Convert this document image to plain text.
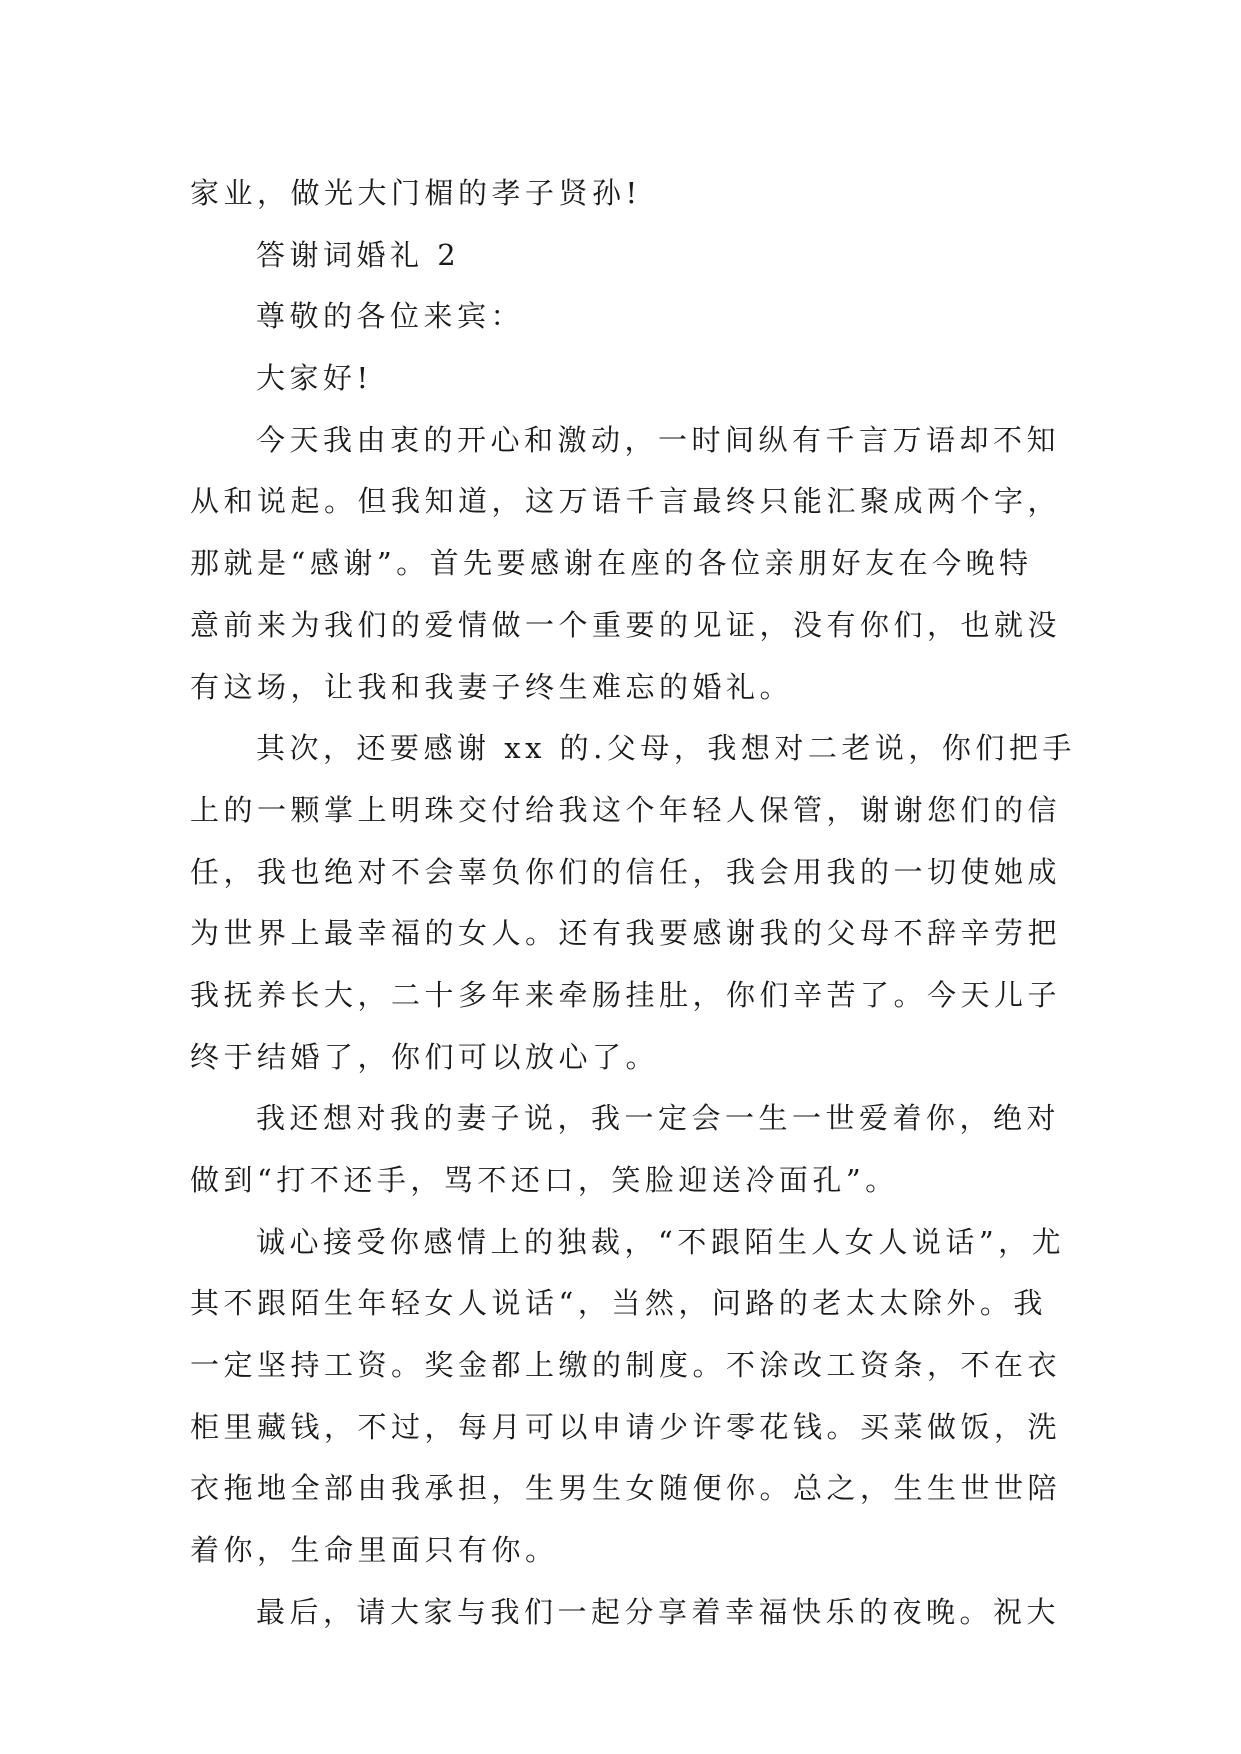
家业，做光大门楣的孝子贤孙!
答谢词婚礼 2
尊敬的各位来宾：
大家好!
今天我由衷的开心和激动，一时间纵有千言万语却不知
从和说起。但我知道，这万语千言最终只能汇聚成两个字，
那就是“感谢”。首先要感谢在座的各位亲朋好友在今晚特
意前来为我们的爱情做一个重要的见证，没有你们，也就没
有这场，让我和我妻子终生难忘的婚礼。
其次，还要感谢 xx 的.父母，我想对二老说，你们把手
上的一颗掌上明珠交付给我这个年轻人保管，谢谢您们的信
任，我也绝对不会辜负你们的信任，我会用我的一切使她成
为世界上最幸福的女人。还有我要感谢我的父母不辞辛劳把
我抚养长大，二十多年来牵肠挂肚，你们辛苦了。今天儿子
终于结婚了，你们可以放心了。
我还想对我的妻子说，我一定会一生一世爱着你，绝对
做到“打不还手，骂不还口，笑脸迎送冷面孔”。
诚心接受你感情上的独裁，“不跟陌生人女人说话”，尤
其不跟陌生年轻女人说话“，当然，问路的老太太除外。我
一定坚持工资。奖金都上缴的制度。不涂改工资条，不在衣
柜里藏钱，不过，每月可以申请少许零花钱。买菜做饭，洗
衣拖地全部由我承担，生男生女随便你。总之，生生世世陪
着你，生命里面只有你。
最后，请大家与我们一起分享着幸福快乐的夜晚。祝大
